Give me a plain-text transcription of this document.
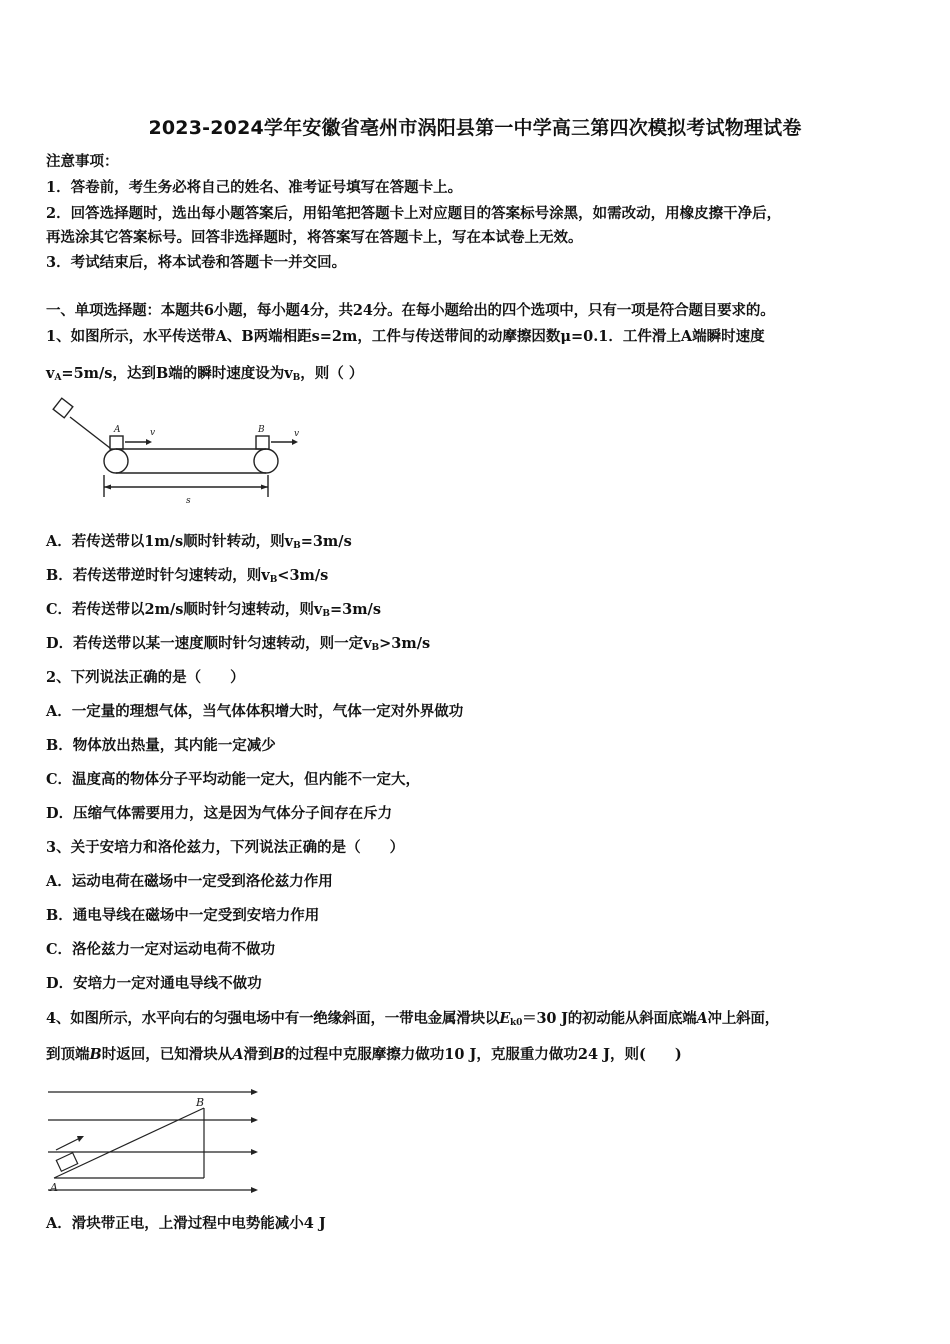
2023-2024学年安徽省亳州市涡阳县第一中学高三第四次模拟考试物理试卷
注意事项：
1．答卷前，考生务必将自己的姓名、准考证号填写在答题卡上。
2．回答选择题时，选出每小题答案后，用铅笔把答题卡上对应题目的答案标号涂黑，如需改动，用橡皮擦干净后，
再选涂其它答案标号。回答非选择题时，将答案写在答题卡上，写在本试卷上无效。
3．考试结束后，将本试卷和答题卡一并交回。
一、单项选择题：本题共6小题，每小题4分，共24分。在每小题给出的四个选项中，只有一项是符合题目要求的。
1、如图所示，水平传送带A、B两端相距s=2m，工件与传送带间的动摩擦因数μ=0.1．工件滑上A端瞬时速度
$v_A=5m/s$，达到B端的瞬时速度设为$v_B$，则（ ）
A	B
v	v
s
A．若传送带以1m/s顺时针转动，则$v_B=3m/s$
B．若传送带逆时针匀速转动，则$v_B<3m/s$
C．若传送带以2m/s顺时针匀速转动，则$v_B=3m/s$
D．若传送带以某一速度顺时针匀速转动，则一定$v_B>3m/s$
2、下列说法正确的是（　　）
A．一定量的理想气体，当气体体积增大时，气体一定对外界做功
B．物体放出热量，其内能一定减少
C．温度高的物体分子平均动能一定大，但内能不一定大，
D．压缩气体需要用力，这是因为气体分子间存在斥力
3、关于安培力和洛伦兹力，下列说法正确的是（　　）
A．运动电荷在磁场中一定受到洛伦兹力作用
B．通电导线在磁场中一定受到安培力作用
C．洛伦兹力一定对运动电荷不做功
D．安培力一定对通电导线不做功
4、如图所示，水平向右的匀强电场中有一绝缘斜面，一带电金属滑块以$E_{k0}=30$ J的初动能从斜面底端A冲上斜面，
到顶端B时返回，已知滑块从A滑到B的过程中克服摩擦力做功10 J，克服重力做功24 J，则(　　)
A
B
A．滑块带正电，上滑过程中电势能减小4 J
